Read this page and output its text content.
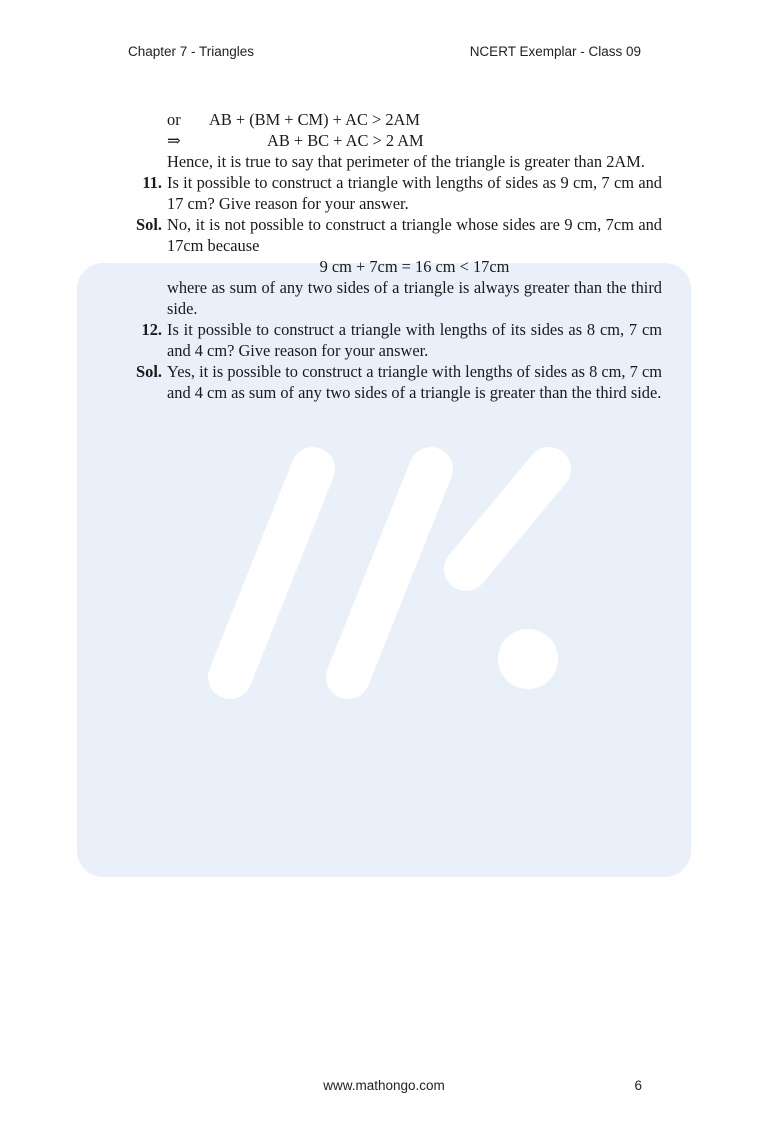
Chapter 7 - Triangles	NCERT Exemplar - Class 09
or AB + (BM + CM) + AC > 2AM
⇒	AB + BC + AC > 2 AM
Hence, it is true to say that perimeter of the triangle is greater than 2AM.
11. Is it possible to construct a triangle with lengths of sides as 9 cm, 7 cm and 17 cm? Give reason for your answer.
Sol. No, it is not possible to construct a triangle whose sides are 9 cm, 7cm and 17cm because
9 cm + 7cm = 16 cm < 17cm
where as sum of any two sides of a triangle is always greater than the third side.
12. Is it possible to construct a triangle with lengths of its sides as 8 cm, 7 cm and 4 cm? Give reason for your answer.
Sol. Yes, it is possible to construct a triangle with lengths of sides as 8 cm, 7 cm and 4 cm as sum of any two sides of a triangle is greater than the third side.
www.mathongo.com	6
